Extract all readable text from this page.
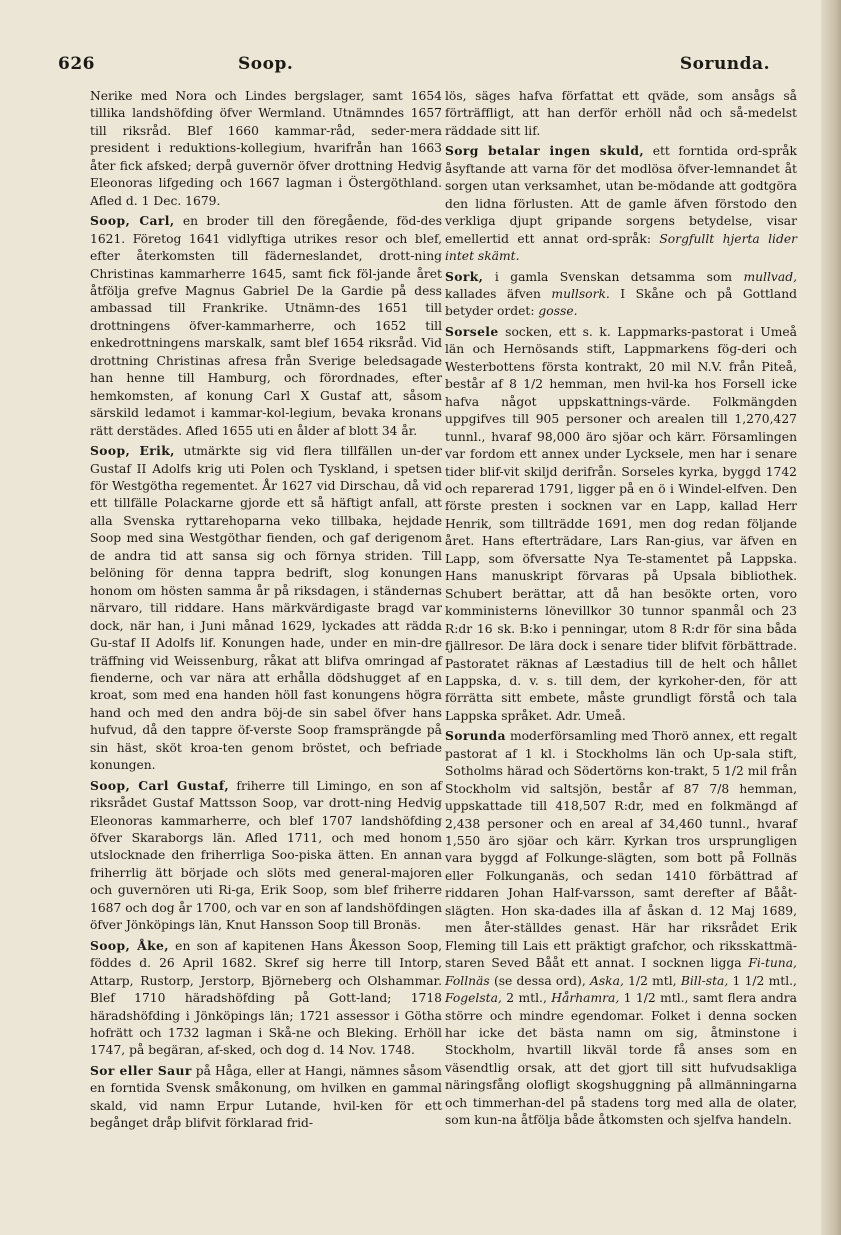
626	Soop.	Sorunda.

Nerike med Nora och Lindes bergslager, samt 1654 tillika landshöfding öfver Wermland. Utnämndes 1657 till riksråd. Blef 1660 kammar-råd, seder-mera president i reduktions-kollegium, hvarifrån han 1663 åter fick afsked; derpå guvernör öfver drottning Hedvig Eleonoras lifgeding och 1667 lagman i Östergöthland. Afled d. 1 Dec. 1679.

Soop, Carl, en broder till den föregående, föd-des 1621. Företog 1641 vidlyftiga utrikes resor och blef, efter återkomsten till fäderneslandet, drott-ning Christinas kammarherre 1645, samt fick föl-jande året åtfölja grefve Magnus Gabriel De la Gardie på dess ambassad till Frankrike. Utnämn-des 1651 till drottningens öfver-kammarherre, och 1652 till enkedrottningens marskalk, samt blef 1654 riksråd. Vid drottning Christinas afresa från Sverige beledsagade han henne till Hamburg, och förordnades, efter hemkomsten, af konung Carl X Gustaf att, såsom särskild ledamot i kammar-kol-legium, bevaka kronans rätt derstädes. Afled 1655 uti en ålder af blott 34 år.

Soop, Erik, utmärkte sig vid flera tillfällen un-der Gustaf II Adolfs krig uti Polen och Tyskland, i spetsen för Westgötha regementet. År 1627 vid Dirschau, då vid ett tillfälle Polackarne gjorde ett så häftigt anfall, att alla Svenska ryttarehoparna veko tillbaka, hejdade Soop med sina Westgöthar fienden, och gaf derigenom de andra tid att sansa sig och förnya striden. Till belöning för denna tappra bedrift, slog konungen honom om hösten samma år på riksdagen, i ständernas närvaro, till riddare. Hans märkvärdigaste bragd var dock, när han, i Juni månad 1629, lyckades att rädda Gu-staf II Adolfs lif. Konungen hade, under en min-dre träffning vid Weissenburg, råkat att blifva omringad af fienderne, och var nära att erhålla dödshugget af en kroat, som med ena handen höll fast konungens högra hand och med den andra böj-de sin sabel öfver hans hufvud, då den tappre öf-verste Soop framsprängde på sin häst, sköt kroa-ten genom bröstet, och befriade konungen.

Soop, Carl Gustaf, friherre till Limingo, en son af riksrådet Gustaf Mattsson Soop, var drott-ning Hedvig Eleonoras kammarherre, och blef 1707 landshöfding öfver Skaraborgs län. Afled 1711, och med honom utslocknade den friherrliga Soo-piska ätten. En annan friherrlig ätt började och slöts med general-majoren och guvernören uti Ri-ga, Erik Soop, som blef friherre 1687 och dog år 1700, och var en son af landshöfdingen öfver Jönköpings län, Knut Hansson Soop till Bronäs.

Soop, Åke, en son af kapitenen Hans Åkesson Soop, föddes d. 26 April 1682. Skref sig herre till Intorp, Attarp, Rustorp, Jerstorp, Björneberg och Olshammar. Blef 1710 häradshöfding på Gott-land; 1718 häradshöfding i Jönköpings län; 1721 assessor i Götha hofrätt och 1732 lagman i Skå-ne och Bleking. Erhöll 1747, på begäran, af-sked, och dog d. 14 Nov. 1748.

Sor eller Saur på Håga, eller at Hangi, nämnes såsom en forntida Svensk småkonung, om hvilken en gammal skald, vid namn Erpur Lutande, hvil-ken för ett begånget dråp blifvit förklarad frid-

lös, säges hafva författat ett qväde, som ansågs så förträffligt, att han derför erhöll nåd och så-medelst räddade sitt lif.

Sorg betalar ingen skuld, ett forntida ord-språk åsyftande att varna för det modlösa öfver-lemnandet åt sorgen utan verksamhet, utan be-mödande att godtgöra den lidna förlusten. Att de gamle äfven förstodo den verkliga djupt gripande sorgens betydelse, visar emellertid ett annat ord-språk: Sorgfullt hjerta lider intet skämt.

Sork, i gamla Svenskan detsamma som mullvad, kallades äfven mullsork. I Skåne och på Gottland betyder ordet: gosse.

Sorsele socken, ett s. k. Lappmarks-pastorat i Umeå län och Hernösands stift, Lappmarkens fög-deri och Westerbottens första kontrakt, 20 mil N.V. från Piteå, består af 8 1/2 hemman, men hvil-ka hos Forsell icke hafva något uppskattnings-värde. Folkmängden uppgifves till 905 personer och arealen till 1,270,427 tunnl., hvaraf 98,000 äro sjöar och kärr. Församlingen var fordom ett annex under Lycksele, men har i senare tider blif-vit skiljd derifrån. Sorseles kyrka, byggd 1742 och reparerad 1791, ligger på en ö i Windel-elfven. Den förste presten i socknen var en Lapp, kallad Herr Henrik, som tillträdde 1691, men dog redan följande året. Hans efterträdare, Lars Ran-gius, var äfven en Lapp, som öfversatte Nya Te-stamentet på Lappska. Hans manuskript förvaras på Upsala bibliothek. Schubert berättar, att då han besökte orten, voro komministerns lönevillkor 30 tunnor spanmål och 23 R:dr 16 sk. B:ko i penningar, utom 8 R:dr för sina båda fjällresor. De lära dock i senare tider blifvit förbättrade. Pastoratet räknas af Læstadius till de helt och hållet Lappska, d. v. s. till dem, der kyrkoher-den, för att förrätta sitt embete, måste grundligt förstå och tala Lappska språket. Adr. Umeå.

Sorunda moderförsamling med Thorö annex, ett regalt pastorat af 1 kl. i Stockholms län och Up-sala stift, Sotholms härad och Södertörns kon-trakt, 5 1/2 mil från Stockholm vid saltsjön, består af 87 7/8 hemman, uppskattade till 418,507 R:dr, med en folkmängd af 2,438 personer och en areal af 34,460 tunnl., hvaraf 1,550 äro sjöar och kärr. Kyrkan tros ursprungligen vara byggd af Folkunge-slägten, som bott på Follnäs eller Folkunganäs, och sedan 1410 förbättrad af riddaren Johan Half-varsson, samt derefter af Bååt-slägten. Hon ska-dades illa af åskan d. 12 Maj 1689, men åter-ställdes genast. Här har riksrådet Erik Fleming till Lais ett präktigt grafchor, och riksskattmä-staren Seved Bååt ett annat. I socknen ligga Fi-tuna, Follnäs (se dessa ord), Aska, 1/2 mtl, Bill-sta, 1 1/2 mtl., Fogelsta, 2 mtl., Hårhamra, 1 1/2 mtl., samt flera andra större och mindre egendomar. Folket i denna socken har icke det bästa namn om sig, åtminstone i Stockholm, hvartill likväl torde få anses som en väsendtlig orsak, att det gjort till sitt hufvudsakliga näringsfång olofligt skogshuggning på allmänningarna och timmerhan-del på stadens torg med alla de olater, som kun-na åtfölja både åtkomsten och sjelfva handeln.
